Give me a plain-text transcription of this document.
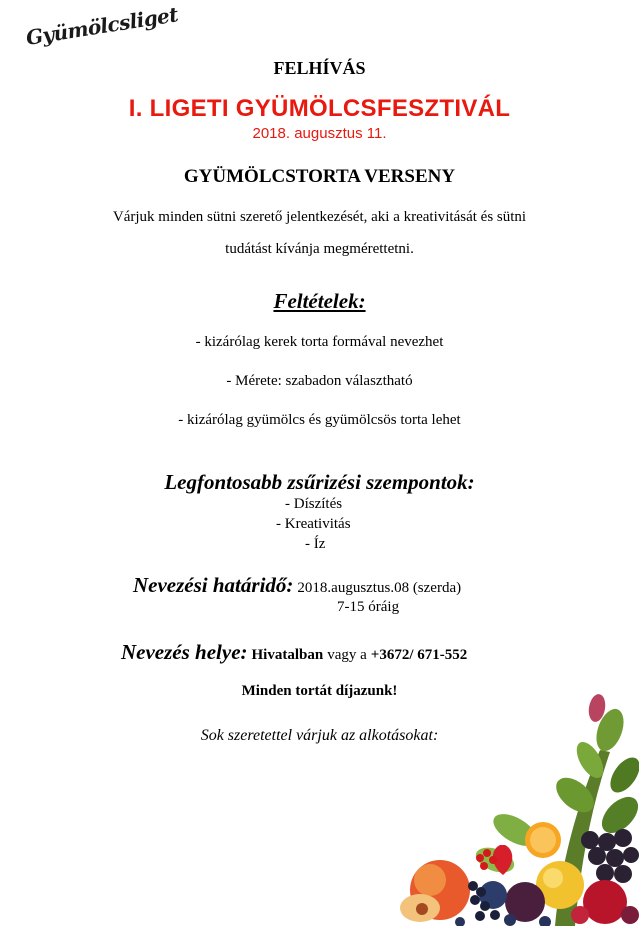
Gyümölcsliget
FELHÍVÁS
I. LIGETI GYÜMÖLCSFESZTIVÁL
2018. augusztus 11.
GYÜMÖLCSTORTA VERSENY
Várjuk minden sütni szerető jelentkezését, aki a kreativitását és sütni
tudátást kívánja megmérettetni.
Feltételek:
- kizárólag kerek torta formával nevezhet
- Mérete: szabadon választható
- kizárólag gyümölcs és gyümölcsös torta lehet
Legfontosabb zsűrizési szempontok:
- Díszítés
- Kreativitás
- Íz
Nevezési határidő: 2018.augusztus.08 (szerda)
7-15 óráig
Nevezés helye: Hivatalban vagy a +3672/ 671-552
Minden tortát díjazunk!
Sok szeretettel várjuk az alkotásokat:
